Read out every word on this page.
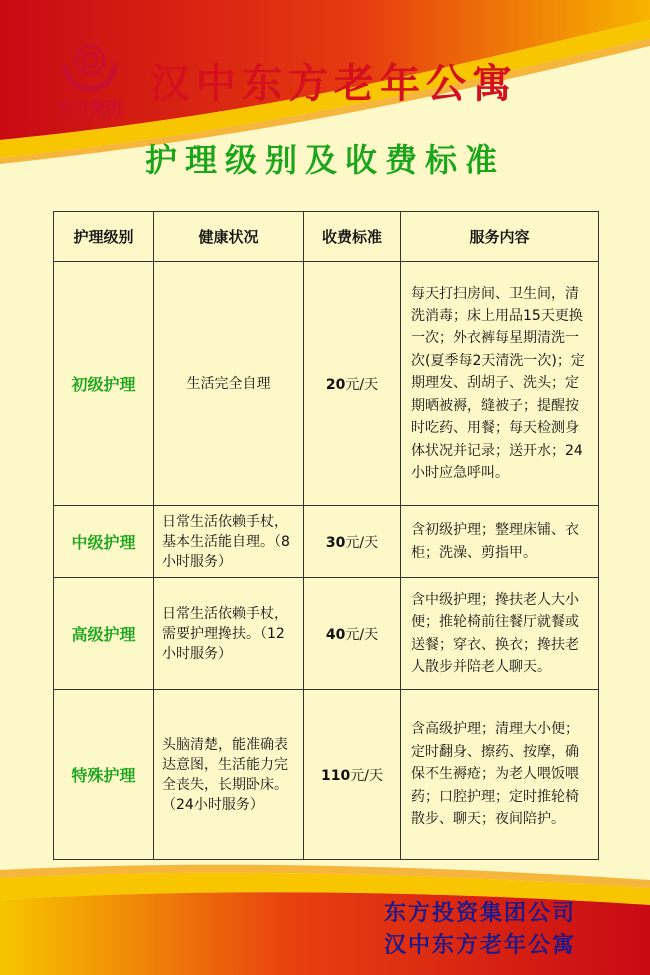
东方集团
ORIENTAL GROUP
汉中东方老年公寓
护理级别及收费标准
护理级别	健康状况	收费标准	服务内容
初级护理	生活完全自理	20元/天	每天打扫房间、卫生间，清洗消毒；床上用品15天更换一次；外衣裤每星期清洗一次(夏季每2天清洗一次)；定期理发、刮胡子、洗头；定期晒被褥，缝被子；提醒按时吃药、用餐；每天检测身体状况并记录；送开水；24小时应急呼叫。
中级护理	日常生活依赖手杖，基本生活能自理。（8小时服务）	30元/天	含初级护理；整理床铺、衣柜；洗澡、剪指甲。
高级护理	日常生活依赖手杖，需要护理搀扶。（12小时服务）	40元/天	含中级护理；搀扶老人大小便；推轮椅前往餐厅就餐或送餐；穿衣、换衣；搀扶老人散步并陪老人聊天。
特殊护理	头脑清楚，能准确表达意图，生活能力完全丧失，长期卧床。（24小时服务）	110元/天	含高级护理；清理大小便；定时翻身、擦药、按摩，确保不生褥疮；为老人喂饭喂药；口腔护理；定时推轮椅散步、聊天；夜间陪护。
东方投资集团公司
汉中东方老年公寓
